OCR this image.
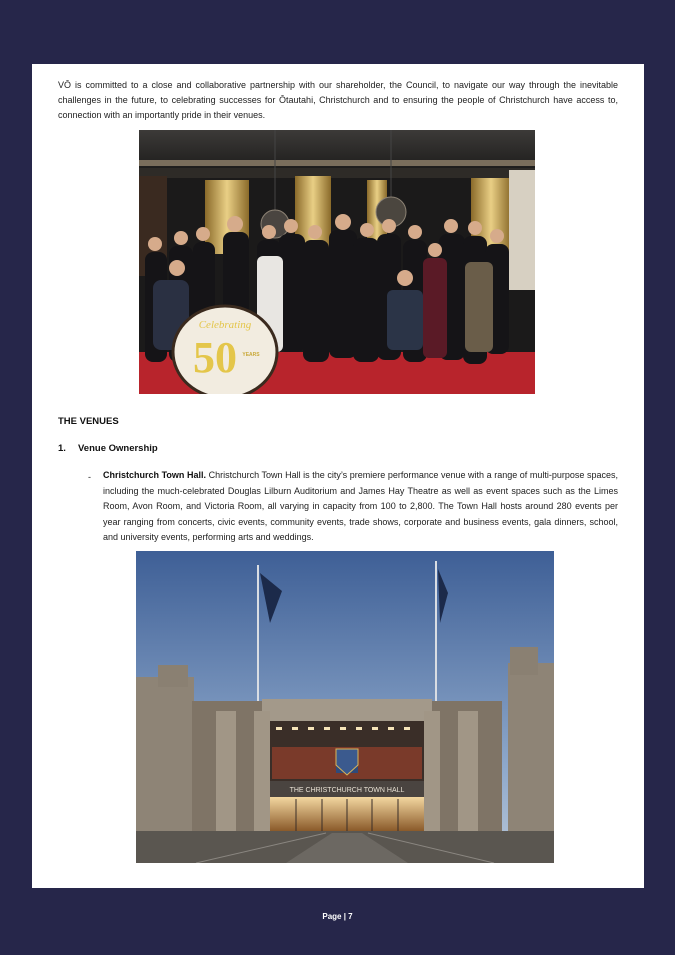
VŌ is committed to a close and collaborative partnership with our shareholder, the Council, to navigate our way through the inevitable challenges in the future, to celebrating successes for Ōtautahi, Christchurch and to ensuring the people of Christchurch have access to, connection with an importantly pride in their venues.

Celebrating
50 YEARS
THE VENUES
1. Venue Ownership
- Christchurch Town Hall. Christchurch Town Hall is the city’s premiere performance venue with a range of multi-purpose spaces, including the much-celebrated Douglas Lilburn Auditorium and James Hay Theatre as well as event spaces such as the Limes Room, Avon Room, and Victoria Room, all varying in capacity from 100 to 2,800. The Town Hall hosts around 280 events per year ranging from concerts, civic events, community events, trade shows, corporate and business events, gala dinners, school, and university events, performing arts and weddings.

THE CHRISTCHURCH TOWN HALL
Page | 7
